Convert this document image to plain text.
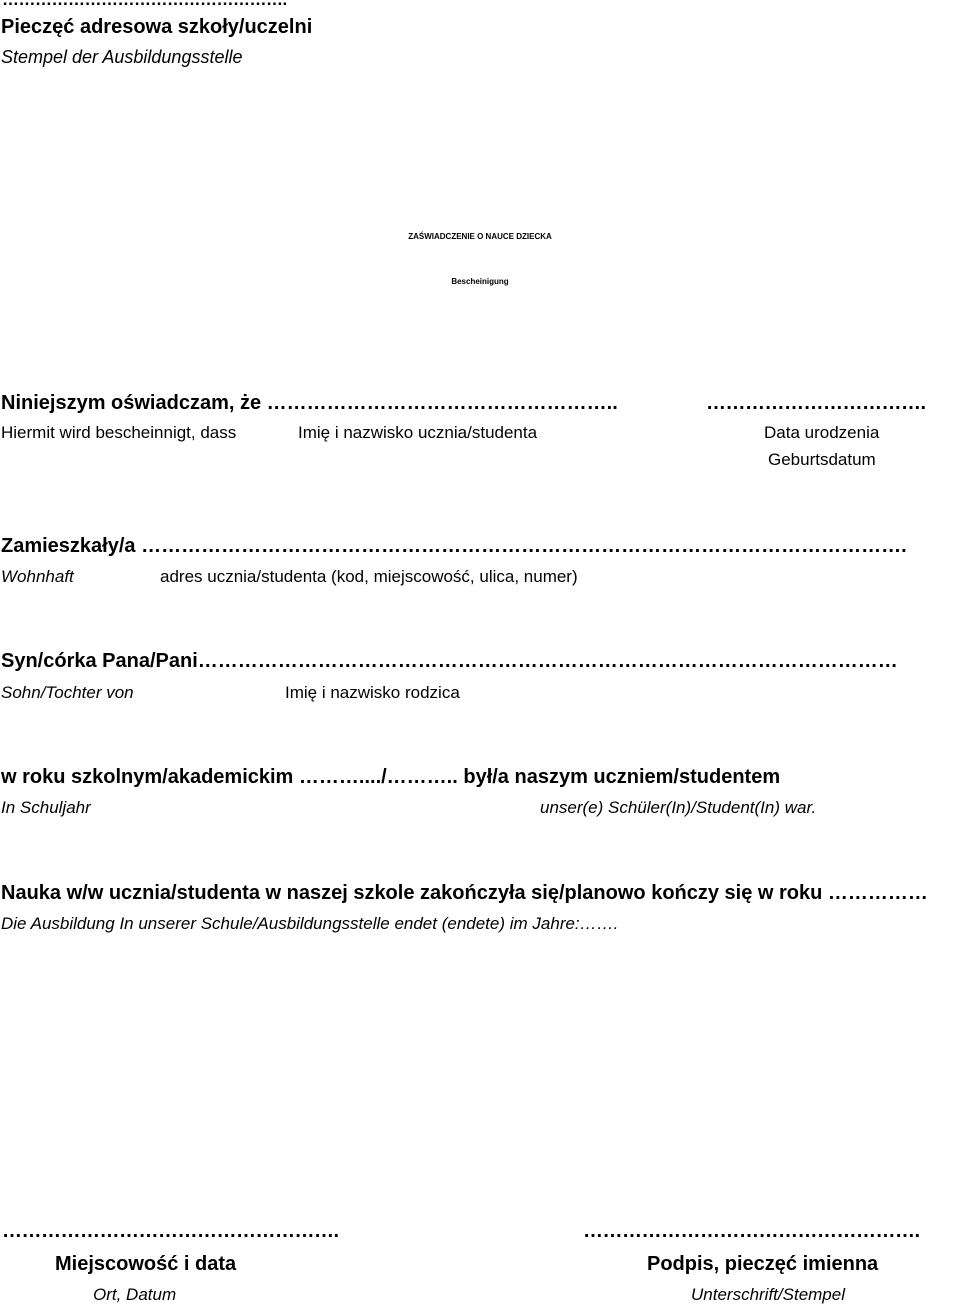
Pieczęć adresowa szkoły/uczelni
Stempel der Ausbildungsstelle
ZAŚWIADCZENIE O NAUCE DZIECKA
Bescheinigung
Niniejszym oświadczam, że ……………………………………………..	…………………………….
Hiermit wird bescheinnigt, dass	Imię i nazwisko ucznia/studenta	Data urodzenia
Geburtsdatum
Zamieszkały/a …………………………………………………………………………………………………….
Wohnhaft	adres ucznia/studenta (kod, miejscowość, ulica, numer)
Syn/córka Pana/Pani……………………………………………………………………………………………
Sohn/Tochter von	Imię i nazwisko rodzica
w roku szkolnym/akademickim ………..../……….. był/a naszym uczniem/studentem
In Schuljahr	unser(e) Schüler(In)/Student(In) war.
Nauka w/w ucznia/studenta w naszej szkole zakończyła się/planowo kończy się w roku ……………
Die Ausbildung In unserer Schule/Ausbildungsstelle endet (endete) im Jahre:…….
…………………………………………….
Miejscowość i data
Ort, Datum
…………………………………………….
Podpis, pieczęć imienna
Unterschrift/Stempel
